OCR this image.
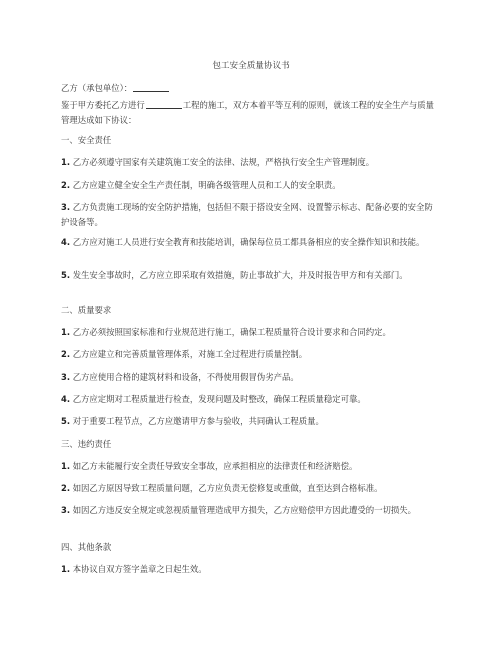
包工安全质量协议书
乙方（承包单位）：
鉴于甲方委托乙方进行	工程的施工，双方本着平等互利的原则，就该工程的安全生产与质量管理达成如下协议：
一、安全责任
1. 乙方必须遵守国家有关建筑施工安全的法律、法规，严格执行安全生产管理制度。
2. 乙方应建立健全安全生产责任制，明确各级管理人员和工人的安全职责。
3. 乙方负责施工现场的安全防护措施，包括但不限于搭设安全网、设置警示标志、配备必要的安全防护设备等。
4. 乙方应对施工人员进行安全教育和技能培训，确保每位员工都具备相应的安全操作知识和技能。
5. 发生安全事故时，乙方应立即采取有效措施，防止事故扩大，并及时报告甲方和有关部门。
二、质量要求
1. 乙方必须按照国家标准和行业规范进行施工，确保工程质量符合设计要求和合同约定。
2. 乙方应建立和完善质量管理体系，对施工全过程进行质量控制。
3. 乙方应使用合格的建筑材料和设备，不得使用假冒伪劣产品。
4. 乙方应定期对工程质量进行检查，发现问题及时整改，确保工程质量稳定可靠。
5. 对于重要工程节点，乙方应邀请甲方参与验收，共同确认工程质量。
三、违约责任
1. 如乙方未能履行安全责任导致安全事故，应承担相应的法律责任和经济赔偿。
2. 如因乙方原因导致工程质量问题，乙方应负责无偿修复或重做，直至达到合格标准。
3. 如因乙方违反安全规定或忽视质量管理造成甲方损失，乙方应赔偿甲方因此遭受的一切损失。
四、其他条款
1. 本协议自双方签字盖章之日起生效。
